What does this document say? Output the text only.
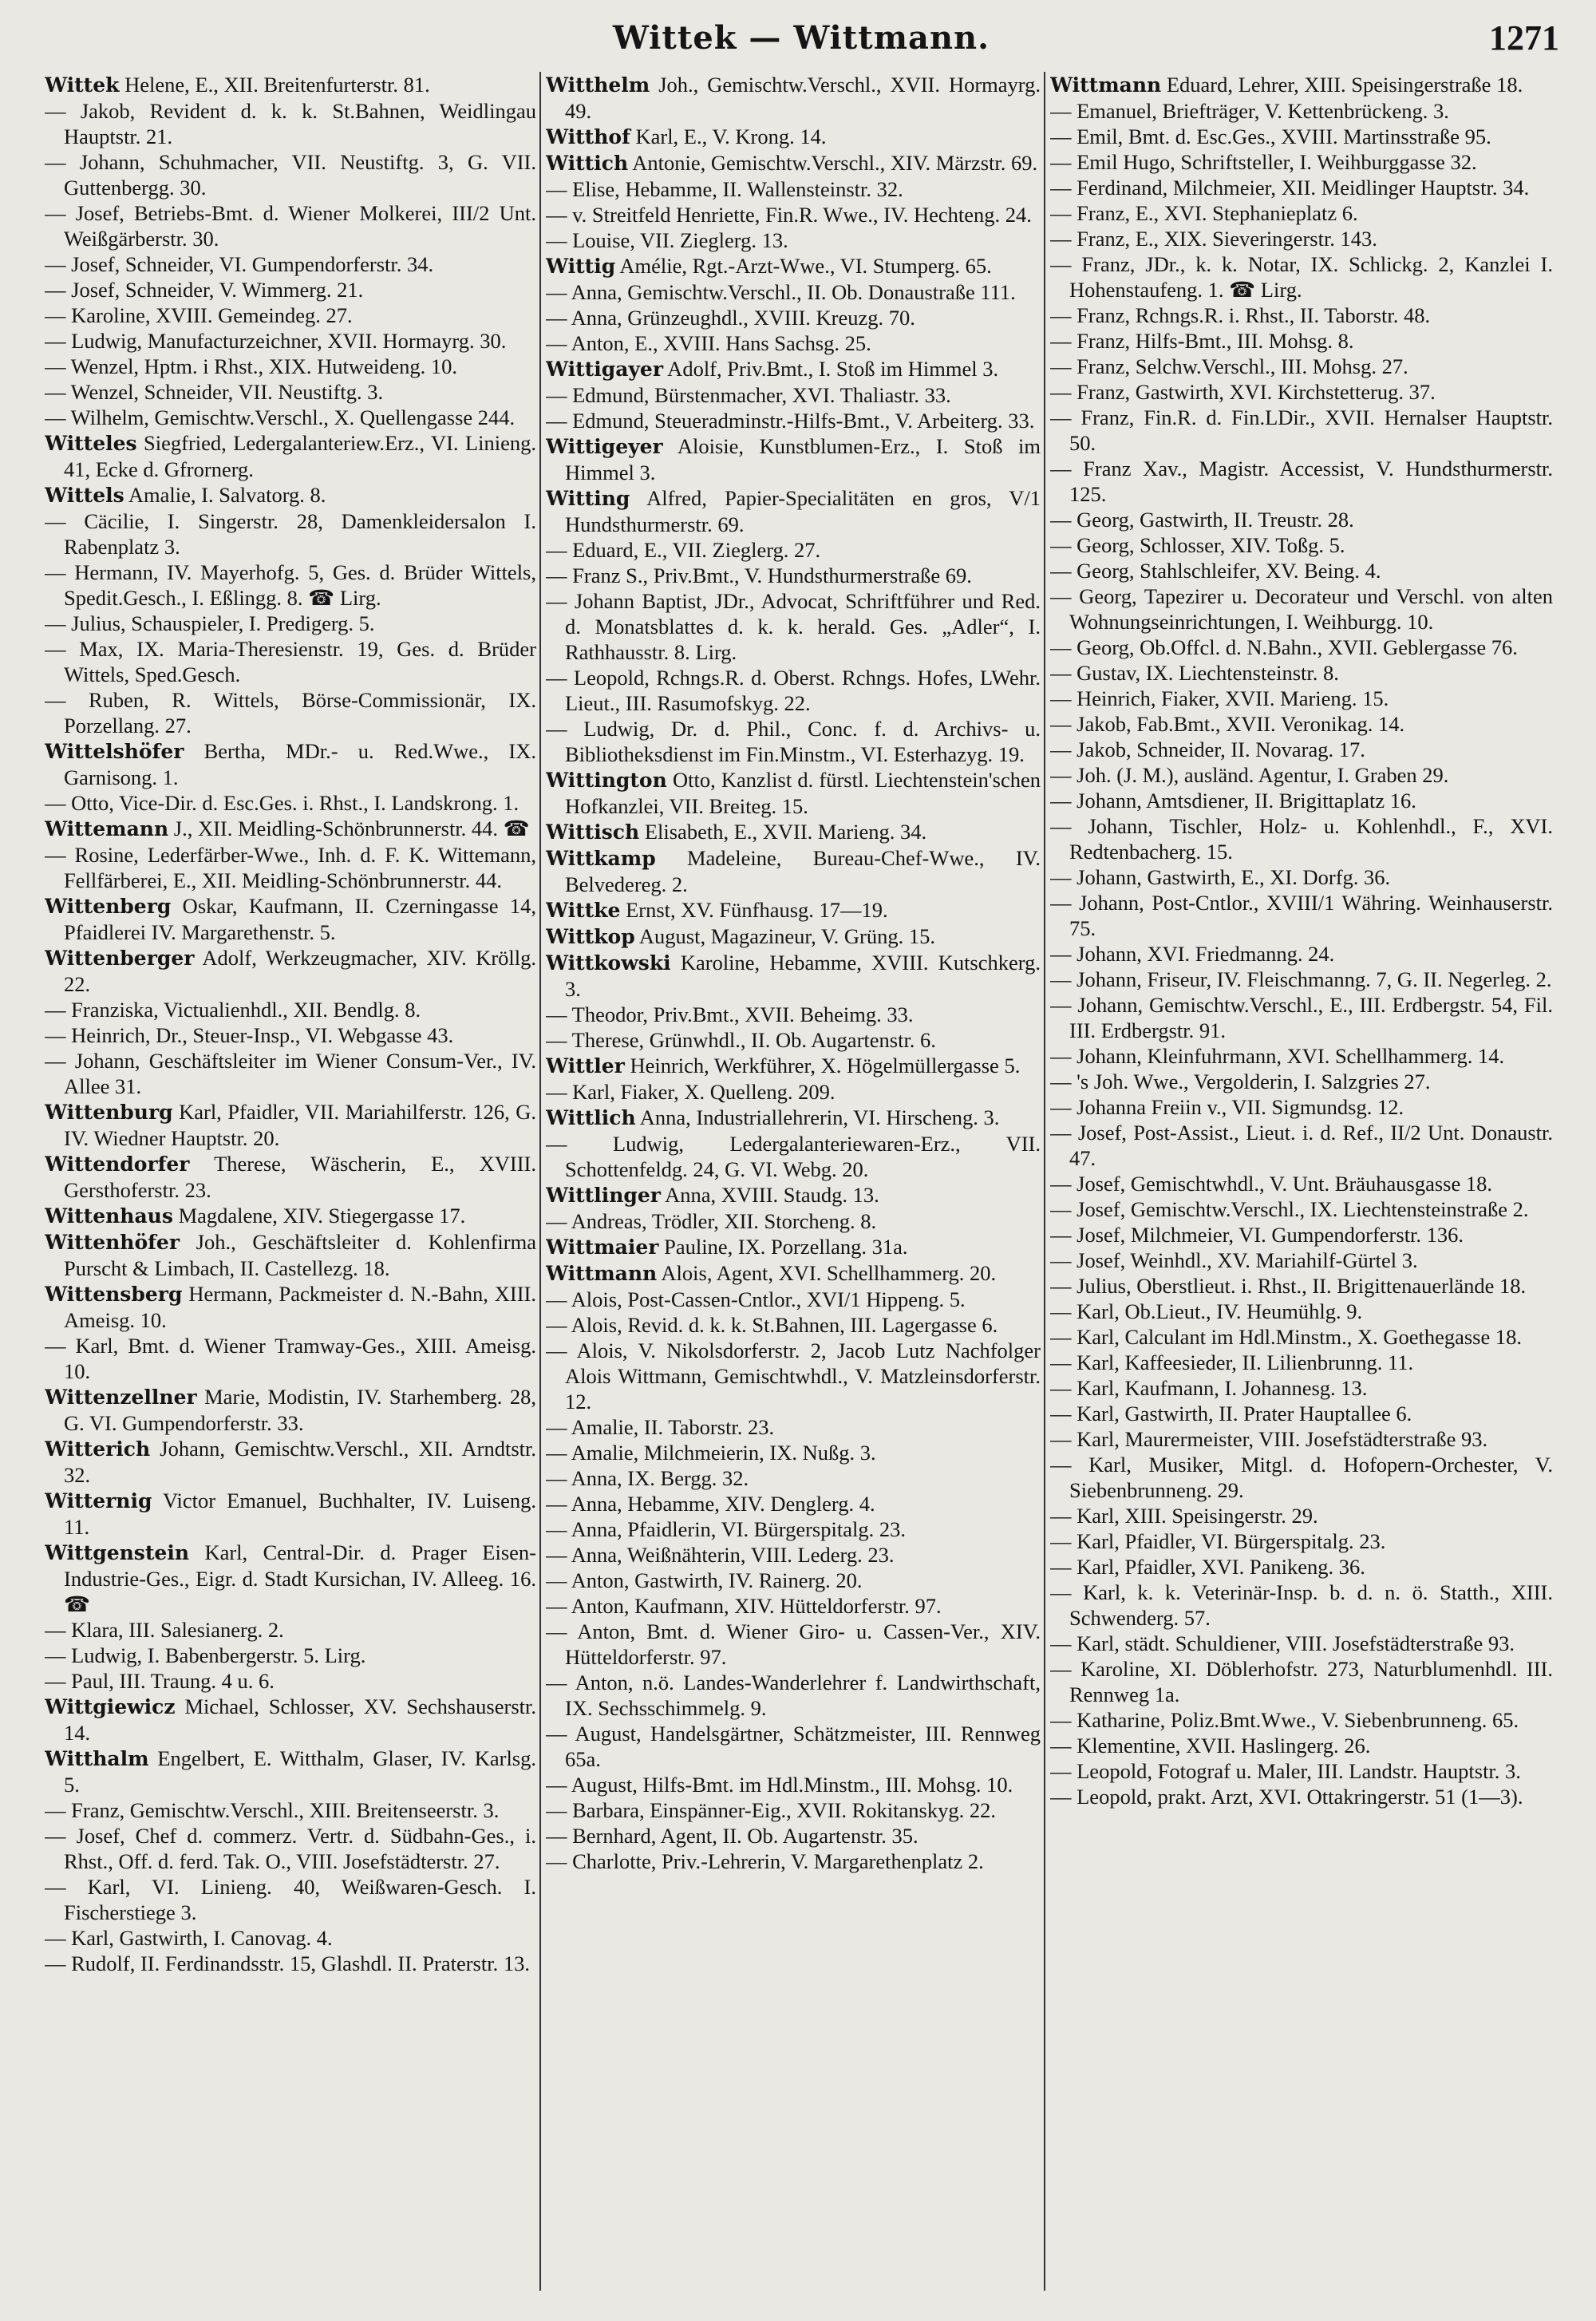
Wittek — Wittmann.	1271

Wittek Helene, E., XII. Breitenfurterstr. 81.

— Jakob, Revident d. k. k. St.Bahnen, Weidlingau Hauptstr. 21.

— Johann, Schuhmacher, VII. Neustiftg. 3, G. VII. Guttenbergg. 30.

— Josef, Betriebs-Bmt. d. Wiener Molkerei, III/2 Unt. Weißgärberstr. 30.

— Josef, Schneider, VI. Gumpendorferstr. 34.

— Josef, Schneider, V. Wimmerg. 21.

— Karoline, XVIII. Gemeindeg. 27.

— Ludwig, Manufacturzeichner, XVII. Hormayrg. 30.

— Wenzel, Hptm. i Rhst., XIX. Hutweideng. 10.

— Wenzel, Schneider, VII. Neustiftg. 3.

— Wilhelm, Gemischtw.Verschl., X. Quellengasse 244.

Witteles Siegfried, Ledergalanteriew.Erz., VI. Linieng. 41, Ecke d. Gfrornerg.

Wittels Amalie, I. Salvatorg. 8.

— Cäcilie, I. Singerstr. 28, Damenkleidersalon I. Rabenplatz 3.

— Hermann, IV. Mayerhofg. 5, Ges. d. Brüder Wittels, Spedit.Gesch., I. Eßlingg. 8. ☎ Lirg.

— Julius, Schauspieler, I. Predigerg. 5.

— Max, IX. Maria-Theresienstr. 19, Ges. d. Brüder Wittels, Sped.Gesch.

— Ruben, R. Wittels, Börse-Commissionär, IX. Porzellang. 27.

Wittelshöfer Bertha, MDr.- u. Red.Wwe., IX. Garnisong. 1.

— Otto, Vice-Dir. d. Esc.Ges. i. Rhst., I. Landskrong. 1.

Wittemann J., XII. Meidling-Schönbrunnerstr. 44. ☎

— Rosine, Lederfärber-Wwe., Inh. d. F. K. Wittemann, Fellfärberei, E., XII. Meidling-Schönbrunnerstr. 44.

Wittenberg Oskar, Kaufmann, II. Czerningasse 14, Pfaidlerei IV. Margarethenstr. 5.

Wittenberger Adolf, Werkzeugmacher, XIV. Kröllg. 22.

— Franziska, Victualienhdl., XII. Bendlg. 8.

— Heinrich, Dr., Steuer-Insp., VI. Webgasse 43.

— Johann, Geschäftsleiter im Wiener Consum-Ver., IV. Allee 31.

Wittenburg Karl, Pfaidler, VII. Mariahilferstr. 126, G. IV. Wiedner Hauptstr. 20.

Wittendorfer Therese, Wäscherin, E., XVIII. Gersthoferstr. 23.

Wittenhaus Magdalene, XIV. Stiegergasse 17.

Wittenhöfer Joh., Geschäftsleiter d. Kohlenfirma Purscht & Limbach, II. Castellezg. 18.

Wittensberg Hermann, Packmeister d. N.-Bahn, XIII. Ameisg. 10.

— Karl, Bmt. d. Wiener Tramway-Ges., XIII. Ameisg. 10.

Wittenzellner Marie, Modistin, IV. Starhemberg. 28, G. VI. Gumpendorferstr. 33.

Witterich Johann, Gemischtw.Verschl., XII. Arndtstr. 32.

Witternig Victor Emanuel, Buchhalter, IV. Luiseng. 11.

Wittgenstein Karl, Central-Dir. d. Prager Eisen-Industrie-Ges., Eigr. d. Stadt Kursichan, IV. Alleeg. 16. ☎

— Klara, III. Salesianerg. 2.

— Ludwig, I. Babenbergerstr. 5. Lirg.

— Paul, III. Traung. 4 u. 6.

Wittgiewicz Michael, Schlosser, XV. Sechshauserstr. 14.

Witthalm Engelbert, E. Witthalm, Glaser, IV. Karlsg. 5.

— Franz, Gemischtw.Verschl., XIII. Breitenseerstr. 3.

— Josef, Chef d. commerz. Vertr. d. Südbahn-Ges., i. Rhst., Off. d. ferd. Tak. O., VIII. Josefstädterstr. 27.

— Karl, VI. Linieng. 40, Weißwaren-Gesch. I. Fischerstiege 3.

— Karl, Gastwirth, I. Canovag. 4.

— Rudolf, II. Ferdinandsstr. 15, Glashdl. II. Praterstr. 13.

Witthelm Joh., Gemischtw.Verschl., XVII. Hormayrg. 49.

Witthof Karl, E., V. Krong. 14.

Wittich Antonie, Gemischtw.Verschl., XIV. Märzstr. 69.

— Elise, Hebamme, II. Wallensteinstr. 32.

— v. Streitfeld Henriette, Fin.R. Wwe., IV. Hechteng. 24.

— Louise, VII. Zieglerg. 13.

Wittig Amélie, Rgt.-Arzt-Wwe., VI. Stumperg. 65.

— Anna, Gemischtw.Verschl., II. Ob. Donaustraße 111.

— Anna, Grünzeughdl., XVIII. Kreuzg. 70.

— Anton, E., XVIII. Hans Sachsg. 25.

Wittigayer Adolf, Priv.Bmt., I. Stoß im Himmel 3.

— Edmund, Bürstenmacher, XVI. Thaliastr. 33.

— Edmund, Steueradminstr.-Hilfs-Bmt., V. Arbeiterg. 33.

Wittigeyer Aloisie, Kunstblumen-Erz., I. Stoß im Himmel 3.

Witting Alfred, Papier-Specialitäten en gros, V/1 Hundsthurmerstr. 69.

— Eduard, E., VII. Zieglerg. 27.

— Franz S., Priv.Bmt., V. Hundsthurmerstraße 69.

— Johann Baptist, JDr., Advocat, Schriftführer und Red. d. Monatsblattes d. k. k. herald. Ges. „Adler“, I. Rathhausstr. 8. Lirg.

— Leopold, Rchngs.R. d. Oberst. Rchngs. Hofes, LWehr. Lieut., III. Rasumofskyg. 22.

— Ludwig, Dr. d. Phil., Conc. f. d. Archivs- u. Bibliotheksdienst im Fin.Minstm., VI. Esterhazyg. 19.

Wittington Otto, Kanzlist d. fürstl. Liechtenstein'schen Hofkanzlei, VII. Breiteg. 15.

Wittisch Elisabeth, E., XVII. Marieng. 34.

Wittkamp Madeleine, Bureau-Chef-Wwe., IV. Belvedereg. 2.

Wittke Ernst, XV. Fünfhausg. 17—19.

Wittkop August, Magazineur, V. Grüng. 15.

Wittkowski Karoline, Hebamme, XVIII. Kutschkerg. 3.

— Theodor, Priv.Bmt., XVII. Beheimg. 33.

— Therese, Grünwhdl., II. Ob. Augartenstr. 6.

Wittler Heinrich, Werkführer, X. Högelmüllergasse 5.

— Karl, Fiaker, X. Quelleng. 209.

Wittlich Anna, Industriallehrerin, VI. Hirscheng. 3.

— Ludwig, Ledergalanteriewaren-Erz., VII. Schottenfeldg. 24, G. VI. Webg. 20.

Wittlinger Anna, XVIII. Staudg. 13.

— Andreas, Trödler, XII. Storcheng. 8.

Wittmaier Pauline, IX. Porzellang. 31a.

Wittmann Alois, Agent, XVI. Schellhammerg. 20.

— Alois, Post-Cassen-Cntlor., XVI/1 Hippeng. 5.

— Alois, Revid. d. k. k. St.Bahnen, III. Lagergasse 6.

— Alois, V. Nikolsdorferstr. 2, Jacob Lutz Nachfolger Alois Wittmann, Gemischtwhdl., V. Matzleinsdorferstr. 12.

— Amalie, II. Taborstr. 23.

— Amalie, Milchmeierin, IX. Nußg. 3.

— Anna, IX. Bergg. 32.

— Anna, Hebamme, XIV. Denglerg. 4.

— Anna, Pfaidlerin, VI. Bürgerspitalg. 23.

— Anna, Weißnähterin, VIII. Lederg. 23.

— Anton, Gastwirth, IV. Rainerg. 20.

— Anton, Kaufmann, XIV. Hütteldorferstr. 97.

— Anton, Bmt. d. Wiener Giro- u. Cassen-Ver., XIV. Hütteldorferstr. 97.

— Anton, n.ö. Landes-Wanderlehrer f. Landwirthschaft, IX. Sechsschimmelg. 9.

— August, Handelsgärtner, Schätzmeister, III. Rennweg 65a.

— August, Hilfs-Bmt. im Hdl.Minstm., III. Mohsg. 10.

— Barbara, Einspänner-Eig., XVII. Rokitanskyg. 22.

— Bernhard, Agent, II. Ob. Augartenstr. 35.

— Charlotte, Priv.-Lehrerin, V. Margarethenplatz 2.

Wittmann Eduard, Lehrer, XIII. Speisingerstraße 18.

— Emanuel, Briefträger, V. Kettenbrückeng. 3.

— Emil, Bmt. d. Esc.Ges., XVIII. Martinsstraße 95.

— Emil Hugo, Schriftsteller, I. Weihburggasse 32.

— Ferdinand, Milchmeier, XII. Meidlinger Hauptstr. 34.

— Franz, E., XVI. Stephanieplatz 6.

— Franz, E., XIX. Sieveringerstr. 143.

— Franz, JDr., k. k. Notar, IX. Schlickg. 2, Kanzlei I. Hohenstaufeng. 1. ☎ Lirg.

— Franz, Rchngs.R. i. Rhst., II. Taborstr. 48.

— Franz, Hilfs-Bmt., III. Mohsg. 8.

— Franz, Selchw.Verschl., III. Mohsg. 27.

— Franz, Gastwirth, XVI. Kirchstetterug. 37.

— Franz, Fin.R. d. Fin.LDir., XVII. Hernalser Hauptstr. 50.

— Franz Xav., Magistr. Accessist, V. Hundsthurmerstr. 125.

— Georg, Gastwirth, II. Treustr. 28.

— Georg, Schlosser, XIV. Toßg. 5.

— Georg, Stahlschleifer, XV. Being. 4.

— Georg, Tapezirer u. Decorateur und Verschl. von alten Wohnungseinrichtungen, I. Weihburgg. 10.

— Georg, Ob.Offcl. d. N.Bahn., XVII. Geblergasse 76.

— Gustav, IX. Liechtensteinstr. 8.

— Heinrich, Fiaker, XVII. Marieng. 15.

— Jakob, Fab.Bmt., XVII. Veronikag. 14.

— Jakob, Schneider, II. Novarag. 17.

— Joh. (J. M.), ausländ. Agentur, I. Graben 29.

— Johann, Amtsdiener, II. Brigittaplatz 16.

— Johann, Tischler, Holz- u. Kohlenhdl., F., XVI. Redtenbacherg. 15.

— Johann, Gastwirth, E., XI. Dorfg. 36.

— Johann, Post-Cntlor., XVIII/1 Währing. Weinhauserstr. 75.

— Johann, XVI. Friedmanng. 24.

— Johann, Friseur, IV. Fleischmanng. 7, G. II. Negerleg. 2.

— Johann, Gemischtw.Verschl., E., III. Erdbergstr. 54, Fil. III. Erdbergstr. 91.

— Johann, Kleinfuhrmann, XVI. Schellhammerg. 14.

— 's Joh. Wwe., Vergolderin, I. Salzgries 27.

— Johanna Freiin v., VII. Sigmundsg. 12.

— Josef, Post-Assist., Lieut. i. d. Ref., II/2 Unt. Donaustr. 47.

— Josef, Gemischtwhdl., V. Unt. Bräuhausgasse 18.

— Josef, Gemischtw.Verschl., IX. Liechtensteinstraße 2.

— Josef, Milchmeier, VI. Gumpendorferstr. 136.

— Josef, Weinhdl., XV. Mariahilf-Gürtel 3.

— Julius, Oberstlieut. i. Rhst., II. Brigittenauerlände 18.

— Karl, Ob.Lieut., IV. Heumühlg. 9.

— Karl, Calculant im Hdl.Minstm., X. Goethegasse 18.

— Karl, Kaffeesieder, II. Lilienbrunng. 11.

— Karl, Kaufmann, I. Johannesg. 13.

— Karl, Gastwirth, II. Prater Hauptallee 6.

— Karl, Maurermeister, VIII. Josefstädterstraße 93.

— Karl, Musiker, Mitgl. d. Hofopern-Orchester, V. Siebenbrunneng. 29.

— Karl, XIII. Speisingerstr. 29.

— Karl, Pfaidler, VI. Bürgerspitalg. 23.

— Karl, Pfaidler, XVI. Panikeng. 36.

— Karl, k. k. Veterinär-Insp. b. d. n. ö. Statth., XIII. Schwenderg. 57.

— Karl, städt. Schuldiener, VIII. Josefstädterstraße 93.

— Karoline, XI. Döblerhofstr. 273, Naturblumenhdl. III. Rennweg 1a.

— Katharine, Poliz.Bmt.Wwe., V. Siebenbrunneng. 65.

— Klementine, XVII. Haslingerg. 26.

— Leopold, Fotograf u. Maler, III. Landstr. Hauptstr. 3.

— Leopold, prakt. Arzt, XVI. Ottakringerstr. 51 (1—3).
